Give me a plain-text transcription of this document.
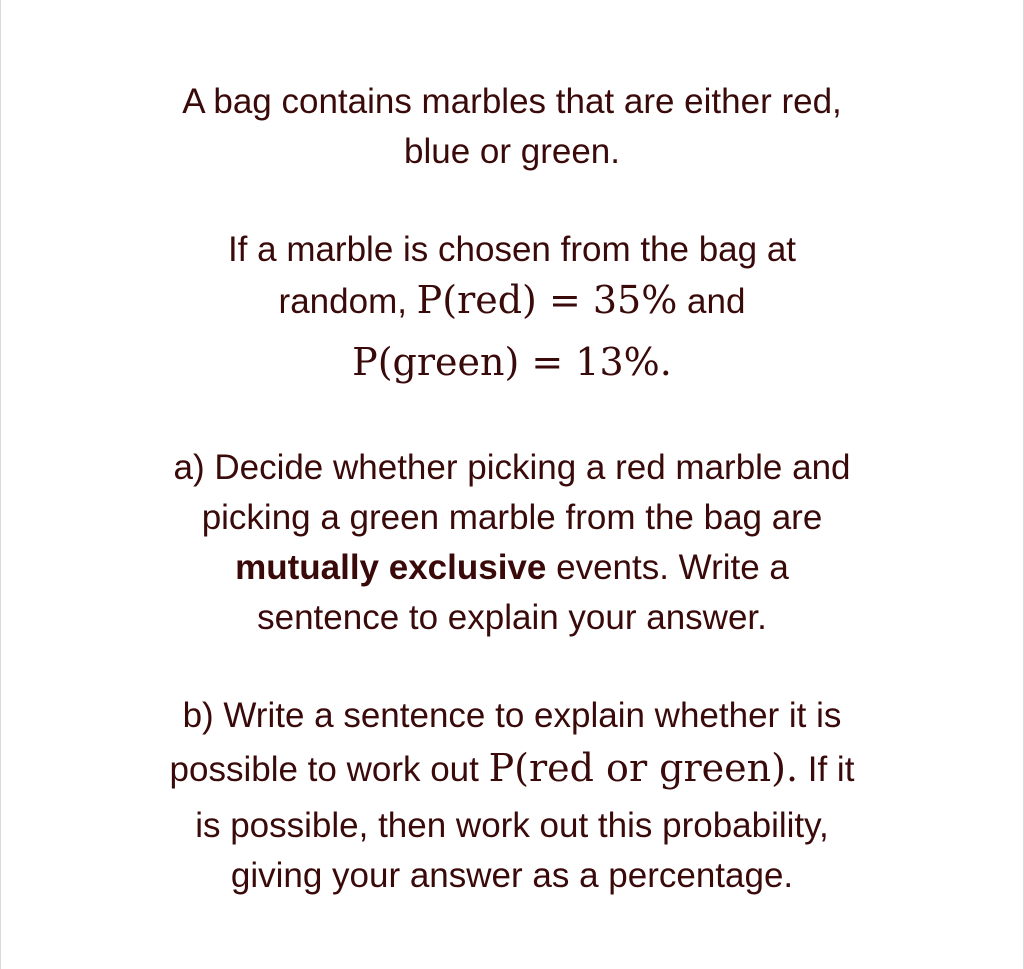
A bag contains marbles that are either red,
blue or green.
If a marble is chosen from the bag at
random, P(red) = 35% and
P(green) = 13%.
a) Decide whether picking a red marble and
picking a green marble from the bag are
mutually exclusive events. Write a
sentence to explain your answer.
b) Write a sentence to explain whether it is
possible to work out P(red or green). If it
is possible, then work out this probability,
giving your answer as a percentage.
